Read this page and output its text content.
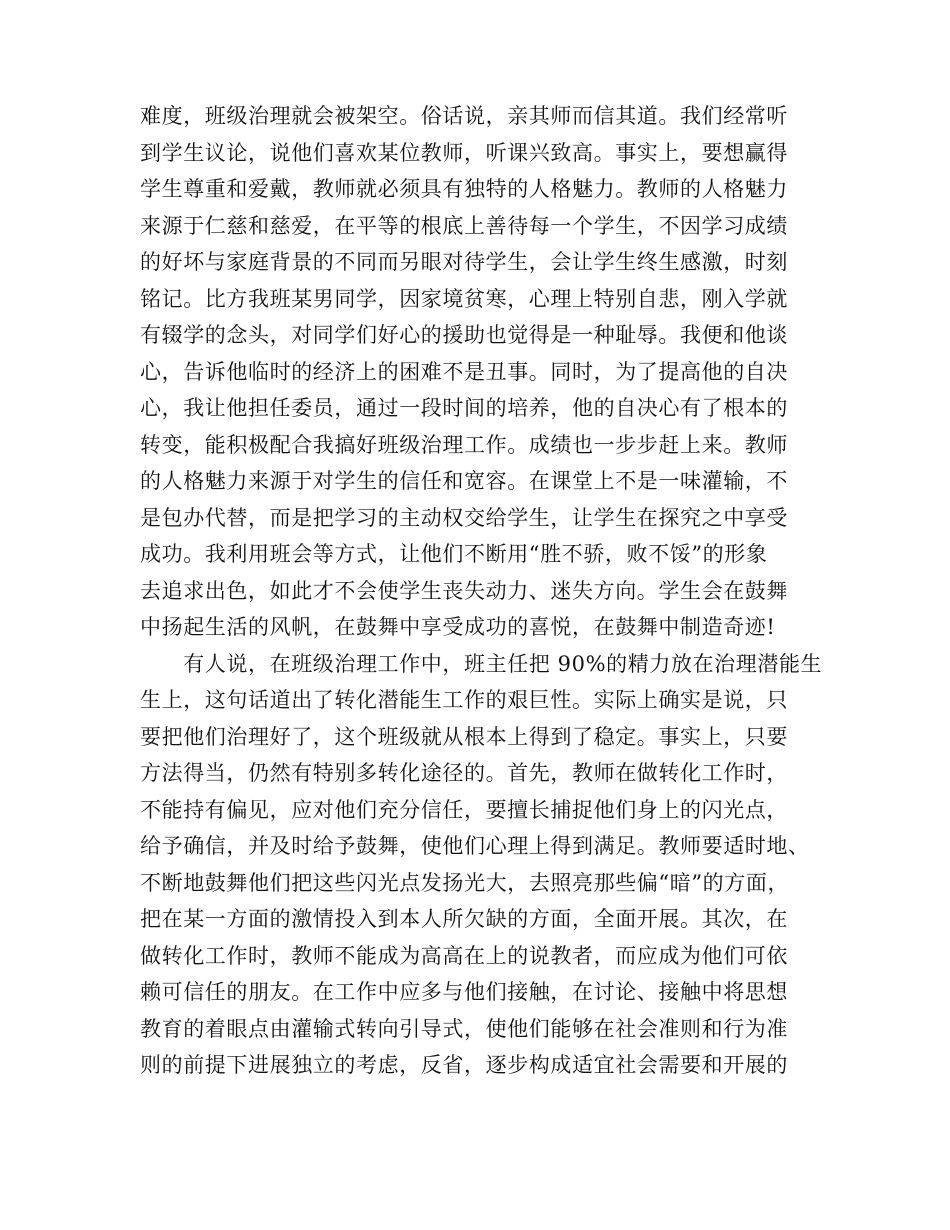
难度，班级治理就会被架空。俗话说，亲其师而信其道。我们经常听
到学生议论，说他们喜欢某位教师，听课兴致高。事实上，要想赢得
学生尊重和爱戴，教师就必须具有独特的人格魅力。教师的人格魅力
来源于仁慈和慈爱，在平等的根底上善待每一个学生，不因学习成绩
的好坏与家庭背景的不同而另眼对待学生，会让学生终生感激，时刻
铭记。比方我班某男同学，因家境贫寒，心理上特别自悲，刚入学就
有辍学的念头，对同学们好心的援助也觉得是一种耻辱。我便和他谈
心，告诉他临时的经济上的困难不是丑事。同时，为了提高他的自决
心，我让他担任委员，通过一段时间的培养，他的自决心有了根本的
转变，能积极配合我搞好班级治理工作。成绩也一步步赶上来。教师
的人格魅力来源于对学生的信任和宽容。在课堂上不是一味灌输，不
是包办代替，而是把学习的主动权交给学生，让学生在探究之中享受
成功。我利用班会等方式，让他们不断用“胜不骄，败不馁”的形象
去追求出色，如此才不会使学生丧失动力、迷失方向。学生会在鼓舞
中扬起生活的风帆，在鼓舞中享受成功的喜悦，在鼓舞中制造奇迹!
　　有人说，在班级治理工作中，班主任把 90%的精力放在治理潜能生
生上，这句话道出了转化潜能生工作的艰巨性。实际上确实是说，只
要把他们治理好了，这个班级就从根本上得到了稳定。事实上，只要
方法得当，仍然有特别多转化途径的。首先，教师在做转化工作时，
不能持有偏见，应对他们充分信任，要擅长捕捉他们身上的闪光点，
给予确信，并及时给予鼓舞，使他们心理上得到满足。教师要适时地、
不断地鼓舞他们把这些闪光点发扬光大，去照亮那些偏“暗”的方面，
把在某一方面的激情投入到本人所欠缺的方面，全面开展。其次，在
做转化工作时，教师不能成为高高在上的说教者，而应成为他们可依
赖可信任的朋友。在工作中应多与他们接触，在讨论、接触中将思想
教育的着眼点由灌输式转向引导式，使他们能够在社会准则和行为准
则的前提下进展独立的考虑，反省，逐步构成适宜社会需要和开展的
